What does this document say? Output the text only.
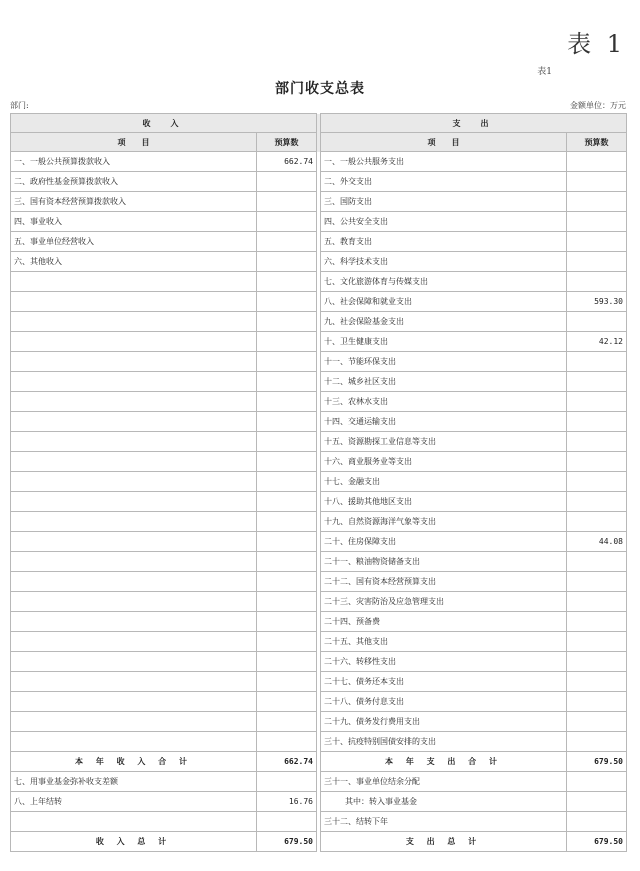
表 1
表1
部门收支总表
部门:	金额单位：万元
收　入			支　出	
项　　目	预算数		项　　目	预算数
一、一般公共预算拨款收入	662.74		一、一般公共服务支出	
二、政府性基金预算拨款收入			二、外交支出	
三、国有资本经营预算拨款收入			三、国防支出	
四、事业收入			四、公共安全支出	
五、事业单位经营收入			五、教育支出	
六、其他收入			六、科学技术支出	
			七、文化旅游体育与传媒支出	
			八、社会保障和就业支出	593.30
			九、社会保险基金支出	
			十、卫生健康支出	42.12
			十一、节能环保支出	
			十二、城乡社区支出	
			十三、农林水支出	
			十四、交通运输支出	
			十五、资源勘探工业信息等支出	
			十六、商业服务业等支出	
			十七、金融支出	
			十八、援助其他地区支出	
			十九、自然资源海洋气象等支出	
			二十、住房保障支出	44.08
			二十一、粮油物资储备支出	
			二十二、国有资本经营预算支出	
			二十三、灾害防治及应急管理支出	
			二十四、预备费	
			二十五、其他支出	
			二十六、转移性支出	
			二十七、债务还本支出	
			二十八、债务付息支出	
			二十九、债务发行费用支出	
			三十、抗疫特别国债安排的支出	
本 年 收 入 合 计	662.74		本 年 支 出 合 计	679.50
七、用事业基金弥补收支差额			三十一、事业单位结余分配	
八、上年结转	16.76		其中：转入事业基金	
			三十二、结转下年	
收 入 总 计	679.50		支 出 总 计	679.50
